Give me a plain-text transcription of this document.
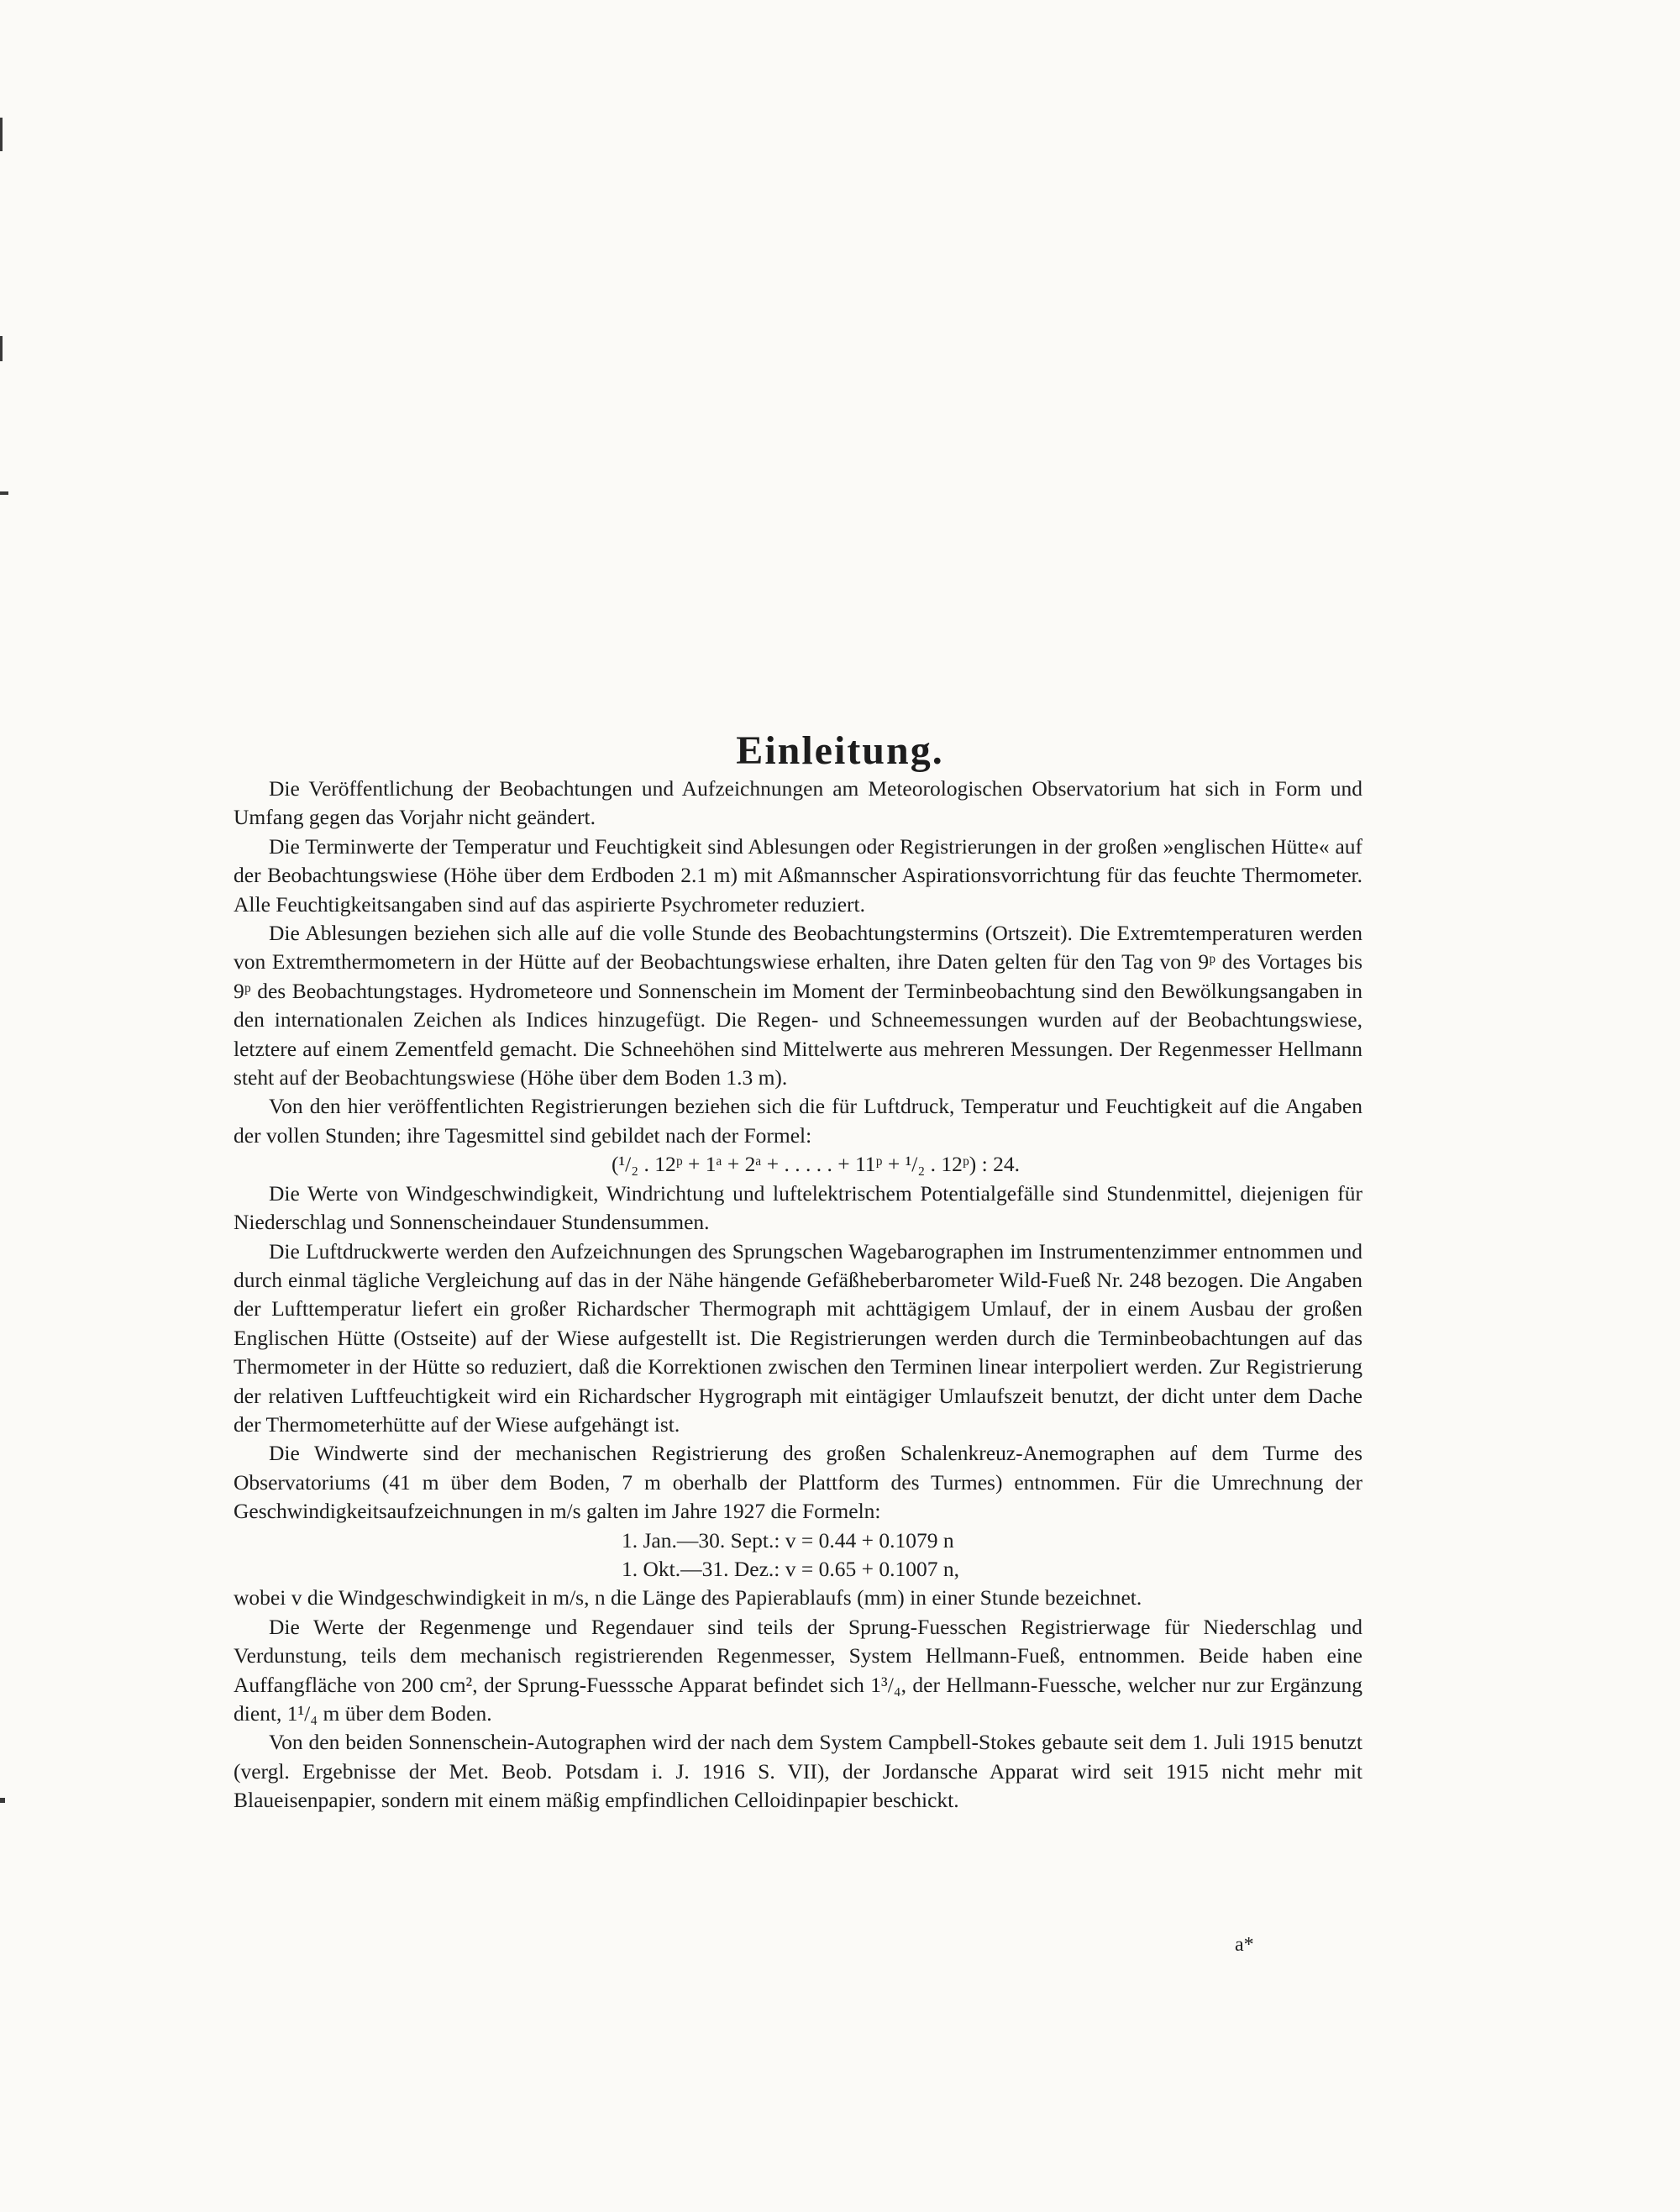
Einleitung.

Die Veröffentlichung der Beobachtungen und Aufzeichnungen am Meteorologischen Observatorium hat sich in Form und Umfang gegen das Vorjahr nicht geändert.

Die Terminwerte der Temperatur und Feuchtigkeit sind Ablesungen oder Registrierungen in der großen »englischen Hütte« auf der Beobachtungswiese (Höhe über dem Erdboden 2.1 m) mit Aßmannscher Aspirationsvorrichtung für das feuchte Thermometer. Alle Feuchtigkeitsangaben sind auf das aspirierte Psychrometer reduziert.

Die Ablesungen beziehen sich alle auf die volle Stunde des Beobachtungstermins (Ortszeit). Die Extremtemperaturen werden von Extremthermometern in der Hütte auf der Beobachtungswiese erhalten, ihre Daten gelten für den Tag von 9ᵖ des Vortages bis 9ᵖ des Beobachtungstages. Hydrometeore und Sonnenschein im Moment der Terminbeobachtung sind den Bewölkungsangaben in den internationalen Zeichen als Indices hinzugefügt. Die Regen- und Schneemessungen wurden auf der Beobachtungswiese, letztere auf einem Zementfeld gemacht. Die Schneehöhen sind Mittelwerte aus mehreren Messungen. Der Regenmesser Hellmann steht auf der Beobachtungswiese (Höhe über dem Boden 1.3 m).

Von den hier veröffentlichten Registrierungen beziehen sich die für Luftdruck, Temperatur und Feuchtigkeit auf die Angaben der vollen Stunden; ihre Tagesmittel sind gebildet nach der Formel:

(¹/₂ . 12ᵖ + 1ᵃ + 2ᵃ + . . . . . + 11ᵖ + ¹/₂ . 12ᵖ) : 24.

Die Werte von Windgeschwindigkeit, Windrichtung und luftelektrischem Potentialgefälle sind Stundenmittel, diejenigen für Niederschlag und Sonnenscheindauer Stundensummen.

Die Luftdruckwerte werden den Aufzeichnungen des Sprungschen Wagebarographen im Instrumentenzimmer entnommen und durch einmal tägliche Vergleichung auf das in der Nähe hängende Gefäßheberbarometer Wild-Fueß Nr. 248 bezogen. Die Angaben der Lufttemperatur liefert ein großer Richardscher Thermograph mit achttägigem Umlauf, der in einem Ausbau der großen Englischen Hütte (Ostseite) auf der Wiese aufgestellt ist. Die Registrierungen werden durch die Terminbeobachtungen auf das Thermometer in der Hütte so reduziert, daß die Korrektionen zwischen den Terminen linear interpoliert werden. Zur Registrierung der relativen Luftfeuchtigkeit wird ein Richardscher Hygrograph mit eintägiger Umlaufszeit benutzt, der dicht unter dem Dache der Thermometerhütte auf der Wiese aufgehängt ist.

Die Windwerte sind der mechanischen Registrierung des großen Schalenkreuz-Anemographen auf dem Turme des Observatoriums (41 m über dem Boden, 7 m oberhalb der Plattform des Turmes) entnommen. Für die Umrechnung der Geschwindigkeitsaufzeichnungen in m/s galten im Jahre 1927 die Formeln:

1. Jan.—30. Sept.: v = 0.44 + 0.1079 n

1. Okt.—31. Dez.: v = 0.65 + 0.1007 n,

wobei v die Windgeschwindigkeit in m/s, n die Länge des Papierablaufs (mm) in einer Stunde bezeichnet.

Die Werte der Regenmenge und Regendauer sind teils der Sprung-Fuesschen Registrierwage für Niederschlag und Verdunstung, teils dem mechanisch registrierenden Regenmesser, System Hellmann-Fueß, entnommen. Beide haben eine Auffangfläche von 200 cm², der Sprung-Fuesssche Apparat befindet sich 1³/₄, der Hellmann-Fuessche, welcher nur zur Ergänzung dient, 1¹/₄ m über dem Boden.

Von den beiden Sonnenschein-Autographen wird der nach dem System Campbell-Stokes gebaute seit dem 1. Juli 1915 benutzt (vergl. Ergebnisse der Met. Beob. Potsdam i. J. 1916 S. VII), der Jordansche Apparat wird seit 1915 nicht mehr mit Blaueisenpapier, sondern mit einem mäßig empfindlichen Celloidinpapier beschickt.

a*
